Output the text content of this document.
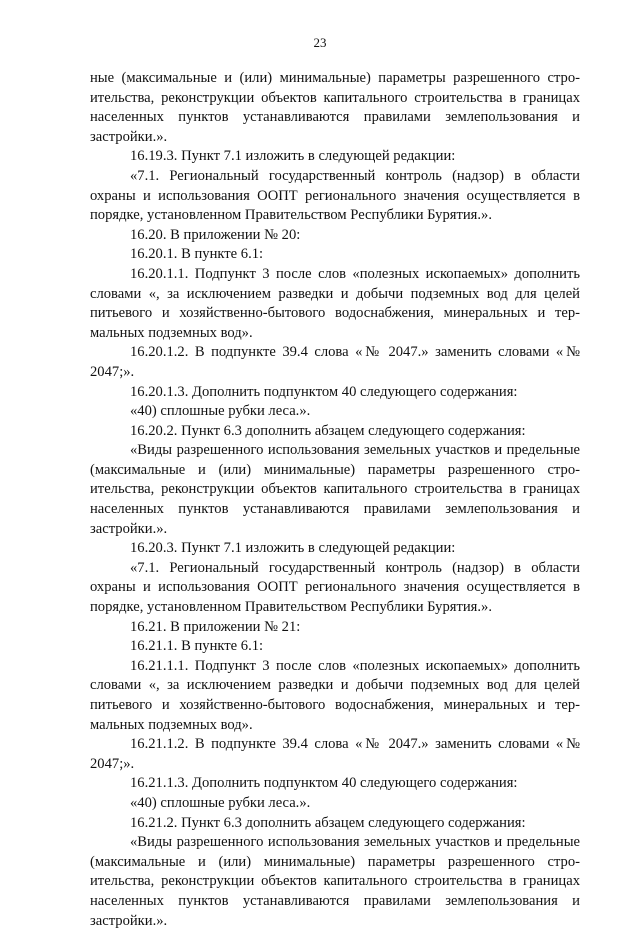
23

ные (максимальные и (или) минимальные) параметры разрешенного строительства, реконструкции объектов капитального строительства в границах населенных пунктов устанавливаются правилами землепользования и застройки.».

16.19.3. Пункт 7.1 изложить в следующей редакции:

«7.1. Региональный государственный контроль (надзор) в области охраны и использования ООПТ регионального значения осуществляется в порядке, установленном Правительством Республики Бурятия.».

16.20. В приложении № 20:

16.20.1. В пункте 6.1:

16.20.1.1. Подпункт 3 после слов «полезных ископаемых» дополнить словами «, за исключением разведки и добычи подземных вод для целей питьевого и хозяйственно-бытового водоснабжения, минеральных и термальных подземных вод».

16.20.1.2. В подпункте 39.4 слова «№ 2047.» заменить словами «№ 2047;».

16.20.1.3. Дополнить подпунктом 40 следующего содержания:

«40) сплошные рубки леса.».

16.20.2. Пункт 6.3 дополнить абзацем следующего содержания:

«Виды разрешенного использования земельных участков и предельные (максимальные и (или) минимальные) параметры разрешенного строительства, реконструкции объектов капитального строительства в границах населенных пунктов устанавливаются правилами землепользования и застройки.».

16.20.3. Пункт 7.1 изложить в следующей редакции:

«7.1. Региональный государственный контроль (надзор) в области охраны и использования ООПТ регионального значения осуществляется в порядке, установленном Правительством Республики Бурятия.».

16.21. В приложении № 21:

16.21.1. В пункте 6.1:

16.21.1.1. Подпункт 3 после слов «полезных ископаемых» дополнить словами «, за исключением разведки и добычи подземных вод для целей питьевого и хозяйственно-бытового водоснабжения, минеральных и термальных подземных вод».

16.21.1.2. В подпункте 39.4 слова «№ 2047.» заменить словами «№ 2047;».

16.21.1.3. Дополнить подпунктом 40 следующего содержания:

«40) сплошные рубки леса.».

16.21.2. Пункт 6.3 дополнить абзацем следующего содержания:

«Виды разрешенного использования земельных участков и предельные (максимальные и (или) минимальные) параметры разрешенного строительства, реконструкции объектов капитального строительства в границах населенных пунктов устанавливаются правилами землепользования и застройки.».
